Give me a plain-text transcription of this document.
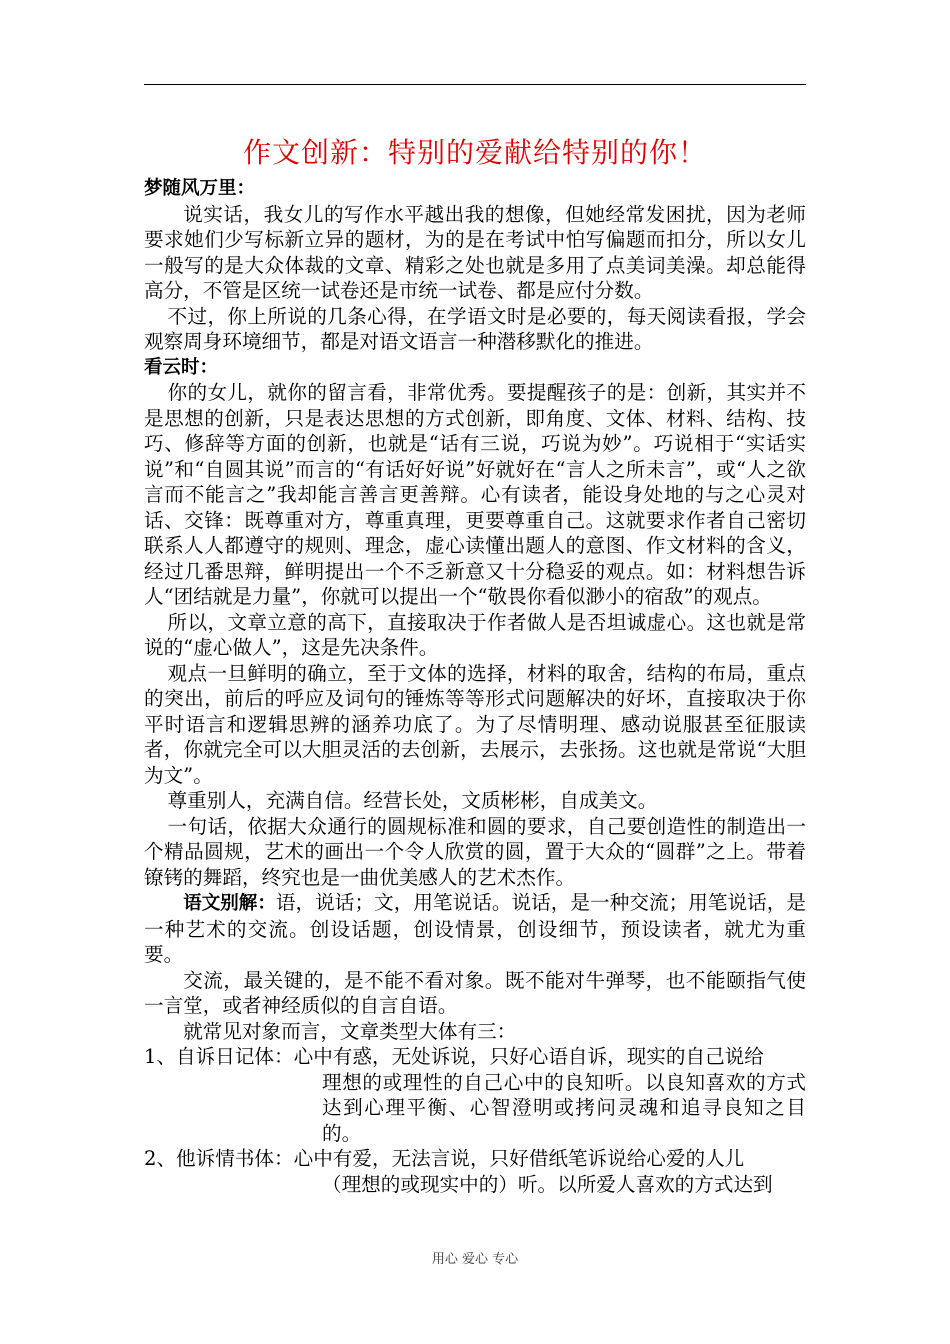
作文创新：特别的爱献给特别的你！

梦随风万里：

说实话，我女儿的写作水平越出我的想像，但她经常发困扰，因为老师要求她们少写标新立异的题材，为的是在考试中怕写偏题而扣分，所以女儿一般写的是大众体裁的文章、精彩之处也就是多用了点美词美澡。却总能得高分，不管是区统一试卷还是市统一试卷、都是应付分数。

不过，你上所说的几条心得，在学语文时是必要的，每天阅读看报，学会观察周身环境细节，都是对语文语言一种潜移默化的推进。

看云时：

你的女儿，就你的留言看，非常优秀。要提醒孩子的是：创新，其实并不是思想的创新，只是表达思想的方式创新，即角度、文体、材料、结构、技巧、修辞等方面的创新，也就是“话有三说，巧说为妙”。巧说相于“实话实说”和“自圆其说”而言的“有话好好说”好就好在“言人之所未言”，或“人之欲言而不能言之”我却能言善言更善辩。心有读者，能设身处地的与之心灵对话、交锋：既尊重对方，尊重真理，更要尊重自己。这就要求作者自己密切联系人人都遵守的规则、理念，虚心读懂出题人的意图、作文材料的含义，经过几番思辩，鲜明提出一个不乏新意又十分稳妥的观点。如：材料想告诉人“团结就是力量”，你就可以提出一个“敬畏你看似渺小的宿敌”的观点。

所以，文章立意的高下，直接取决于作者做人是否坦诚虚心。这也就是常说的“虚心做人”，这是先决条件。

观点一旦鲜明的确立，至于文体的选择，材料的取舍，结构的布局，重点的突出，前后的呼应及词句的锤炼等等形式问题解决的好坏，直接取决于你平时语言和逻辑思辨的涵养功底了。为了尽情明理、感动说服甚至征服读者，你就完全可以大胆灵活的去创新，去展示，去张扬。这也就是常说“大胆为文”。

尊重别人，充满自信。经营长处，文质彬彬，自成美文。

一句话，依据大众通行的圆规标准和圆的要求，自己要创造性的制造出一个精品圆规，艺术的画出一个令人欣赏的圆，置于大众的“圆群”之上。带着镣铐的舞蹈，终究也是一曲优美感人的艺术杰作。

语文别解：语，说话；文，用笔说话。说话，是一种交流；用笔说话，是一种艺术的交流。创设话题，创设情景，创设细节，预设读者，就尤为重要。

交流，最关键的，是不能不看对象。既不能对牛弹琴，也不能颐指气使一言堂，或者神经质似的自言自语。

就常见对象而言，文章类型大体有三：

1、自诉日记体： 心中有惑，无处诉说，只好心语自诉，现实的自己说给

理想的或理性的自己心中的良知听。以良知喜欢的方式达到心理平衡、心智澄明或拷问灵魂和追寻良知之目的。

2、他诉情书体： 心中有爱，无法言说，只好借纸笔诉说给心爱的人儿

（理想的或现实中的）听。以所爱人喜欢的方式达到

用心 爱心 专心
